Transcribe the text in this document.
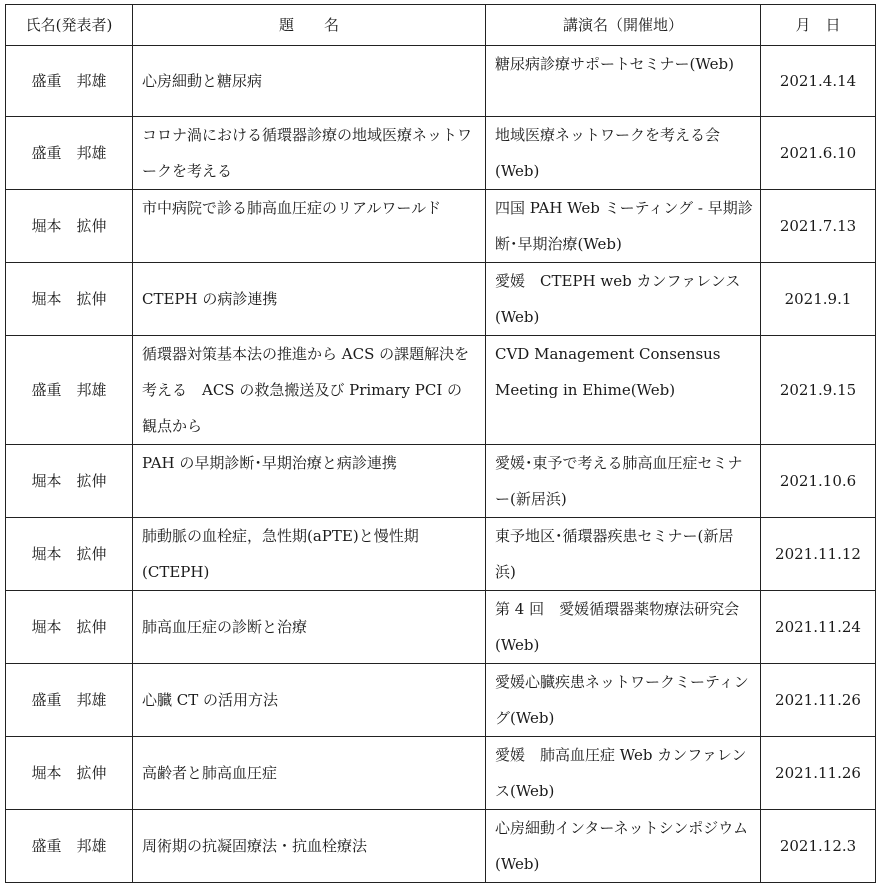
氏名(発表者)	題　　名	講演名（開催地）	月　日
盛重　邦雄	心房細動と糖尿病	糖尿病診療サポートセミナー(Web)	2021.4.14
盛重　邦雄	コロナ渦における循環器診療の地域医療ネットワークを考える	地域医療ネットワークを考える会(Web)	2021.6.10
堀本　拡伸	市中病院で診る肺高血圧症のリアルワールド	四国 PAH Web ミーティング ‐ 早期診断･早期治療(Web)	2021.7.13
堀本　拡伸	CTEPH の病診連携	愛媛　CTEPH web カンファレンス(Web)	2021.9.1
盛重　邦雄	循環器対策基本法の推進から ACS の課題解決を考える　ACS の救急搬送及び Primary PCI の観点から	CVD Management Consensus Meeting in Ehime(Web)	2021.9.15
堀本　拡伸	PAH の早期診断･早期治療と病診連携	愛媛･東予で考える肺高血圧症セミナー(新居浜)	2021.10.6
堀本　拡伸	肺動脈の血栓症，急性期(aPTE)と慢性期(CTEPH)	東予地区･循環器疾患セミナー(新居浜)	2021.11.12
堀本　拡伸	肺高血圧症の診断と治療	第 4 回　愛媛循環器薬物療法研究会(Web)	2021.11.24
盛重　邦雄	心臓 CT の活用方法	愛媛心臓疾患ネットワークミーティング(Web)	2021.11.26
堀本　拡伸	高齢者と肺高血圧症	愛媛　肺高血圧症 Web カンファレンス(Web)	2021.11.26
盛重　邦雄	周術期の抗凝固療法・抗血栓療法	心房細動インターネットシンポジウム(Web)	2021.12.3
